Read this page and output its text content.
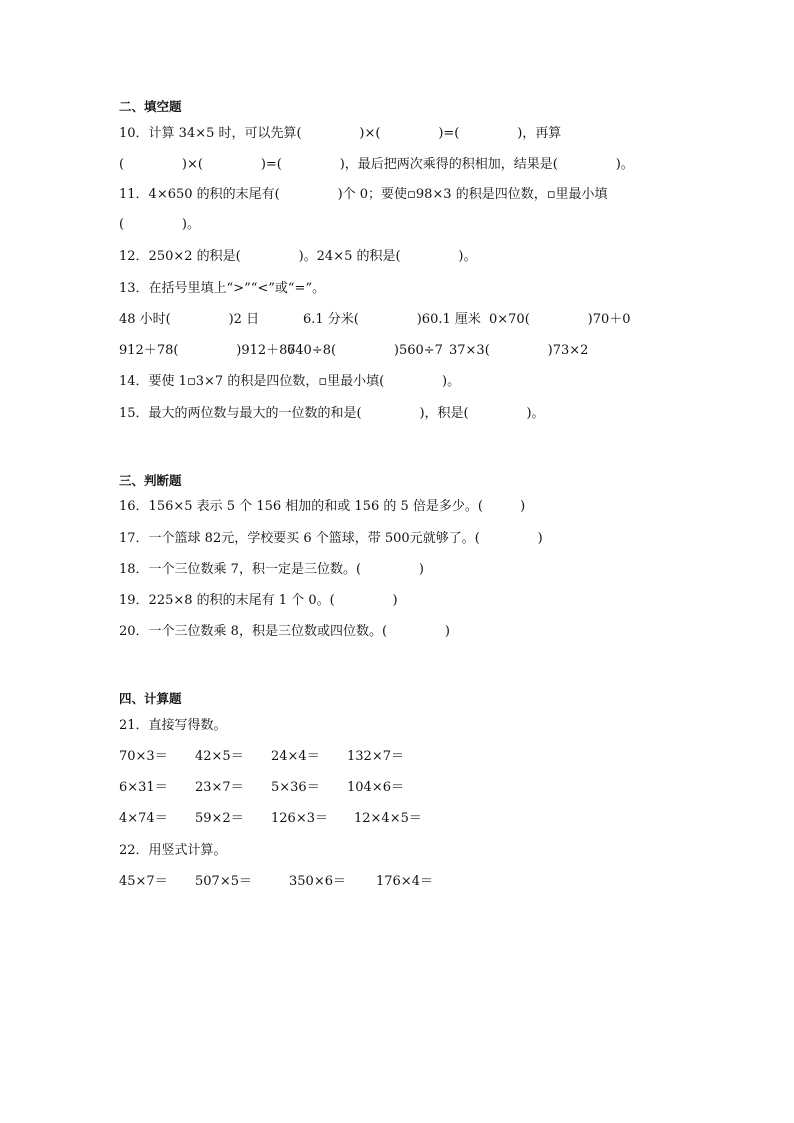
二、填空题
10．计算 34×5 时，可以先算(              )×(              )=(              )，再算
(              )×(              )=(              )，最后把两次乘得的积相加，结果是(              )。
11．4×650 的积的末尾有(              )个 0；要使▫98×3 的积是四位数，▫里最小填
(              )。
12．250×2 的积是(              )。24×5 的积是(              )。
13．在括号里填上“>”“<”或“=”。
48 小时(              )2 日	6.1 分米(              )60.1 厘米 0×70(              )70＋0
912＋78(              )912＋87
640÷8(              )560÷7 37×3(              )73×2
14．要使 1▫3×7 的积是四位数，▫里最小填(              )。
15．最大的两位数与最大的一位数的和是(              )，积是(              )。
三、判断题
16．156×5 表示 5 个 156 相加的和或 156 的 5 倍是多少。(         )
17．一个篮球 82元，学校要买 6 个篮球，带 500元就够了。(              )
18．一个三位数乘 7，积一定是三位数。(              )
19．225×8 的积的末尾有 1 个 0。(              )
20．一个三位数乘 8，积是三位数或四位数。(              )
四、计算题
21．直接写得数。
70×3＝	42×5＝	24×4＝	132×7＝
6×31＝	23×7＝	5×36＝	104×6＝
4×74＝	59×2＝	126×3＝	12×4×5＝
22．用竖式计算。
45×7＝	507×5＝	350×6＝	176×4＝
